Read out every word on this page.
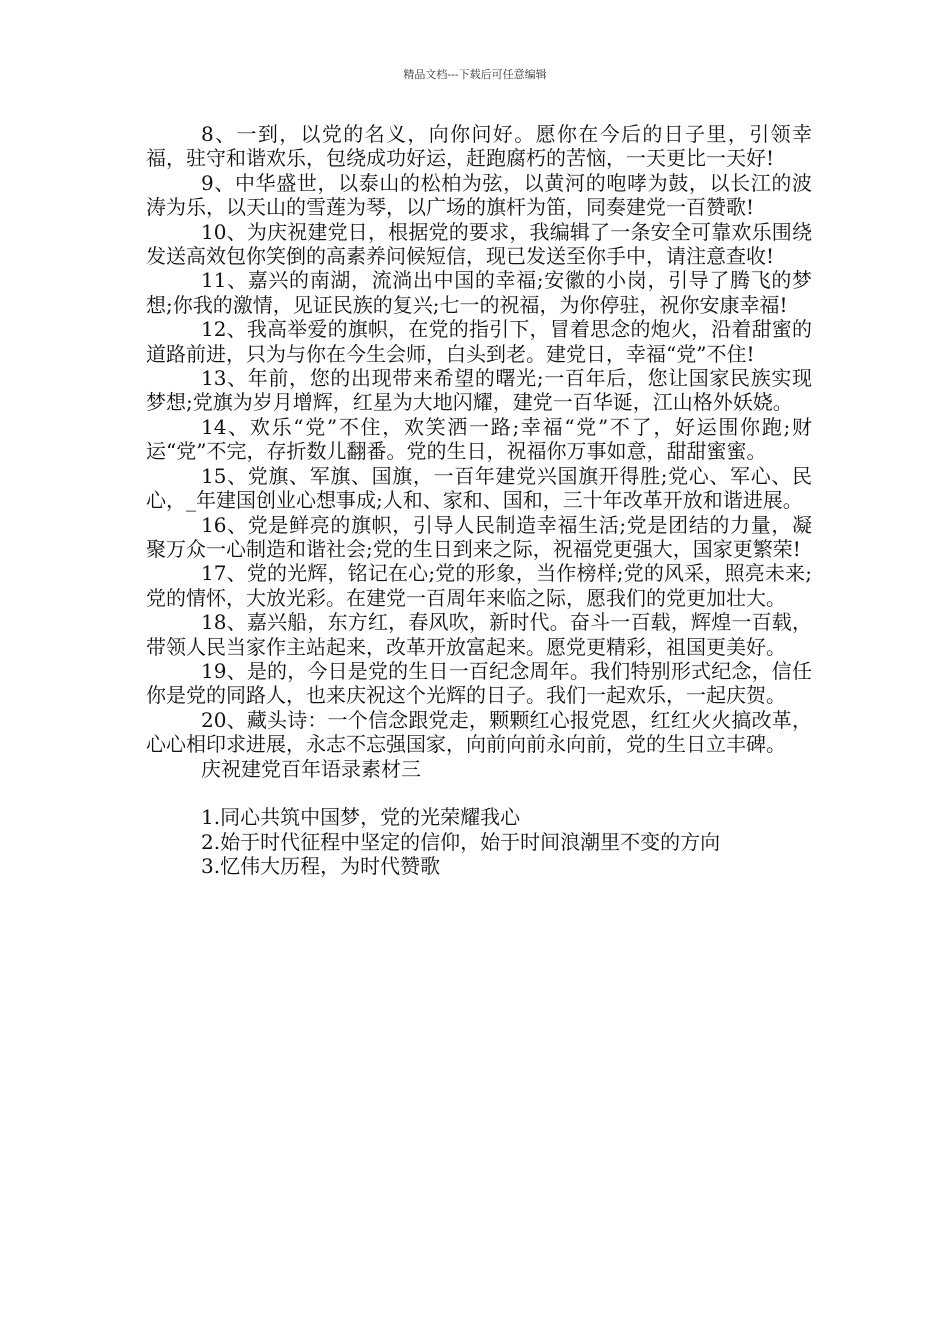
精品文档---下载后可任意编辑

8、一到，以党的名义，向你问好。愿你在今后的日子里，引领幸福，驻守和谐欢乐，包绕成功好运，赶跑腐朽的苦恼，一天更比一天好!

9、中华盛世，以泰山的松柏为弦，以黄河的咆哮为鼓，以长江的波涛为乐，以天山的雪莲为琴，以广场的旗杆为笛，同奏建党一百赞歌!

10、为庆祝建党日，根据党的要求，我编辑了一条安全可靠欢乐围绕发送高效包你笑倒的高素养问候短信，现已发送至你手中，请注意查收!

11、嘉兴的南湖，流淌出中国的幸福;安徽的小岗，引导了腾飞的梦想;你我的激情，见证民族的复兴;七一的祝福，为你停驻，祝你安康幸福!

12、我高举爱的旗帜，在党的指引下，冒着思念的炮火，沿着甜蜜的道路前进，只为与你在今生会师，白头到老。建党日，幸福“党”不住!

13、年前，您的出现带来希望的曙光;一百年后，您让国家民族实现梦想;党旗为岁月增辉，红星为大地闪耀，建党一百华诞，江山格外妖娆。

14、欢乐“党”不住，欢笑洒一路;幸福“党”不了，好运围你跑;财运“党”不完，存折数儿翻番。党的生日，祝福你万事如意，甜甜蜜蜜。

15、党旗、军旗、国旗，一百年建党兴国旗开得胜;党心、军心、民心，_年建国创业心想事成;人和、家和、国和，三十年改革开放和谐进展。

16、党是鲜亮的旗帜，引导人民制造幸福生活;党是团结的力量，凝聚万众一心制造和谐社会;党的生日到来之际，祝福党更强大，国家更繁荣!

17、党的光辉，铭记在心;党的形象，当作榜样;党的风采，照亮未来;党的情怀，大放光彩。在建党一百周年来临之际，愿我们的党更加壮大。

18、嘉兴船，东方红，春风吹，新时代。奋斗一百载，辉煌一百载，带领人民当家作主站起来，改革开放富起来。愿党更精彩，祖国更美好。

19、是的，今日是党的生日一百纪念周年。我们特别形式纪念，信任你是党的同路人，也来庆祝这个光辉的日子。我们一起欢乐，一起庆贺。

20、藏头诗：一个信念跟党走，颗颗红心报党恩，红红火火搞改革，心心相印求进展，永志不忘强国家，向前向前永向前，党的生日立丰碑。

庆祝建党百年语录素材三

1.同心共筑中国梦，党的光荣耀我心

2.始于时代征程中坚定的信仰，始于时间浪潮里不变的方向

3.忆伟大历程，为时代赞歌
